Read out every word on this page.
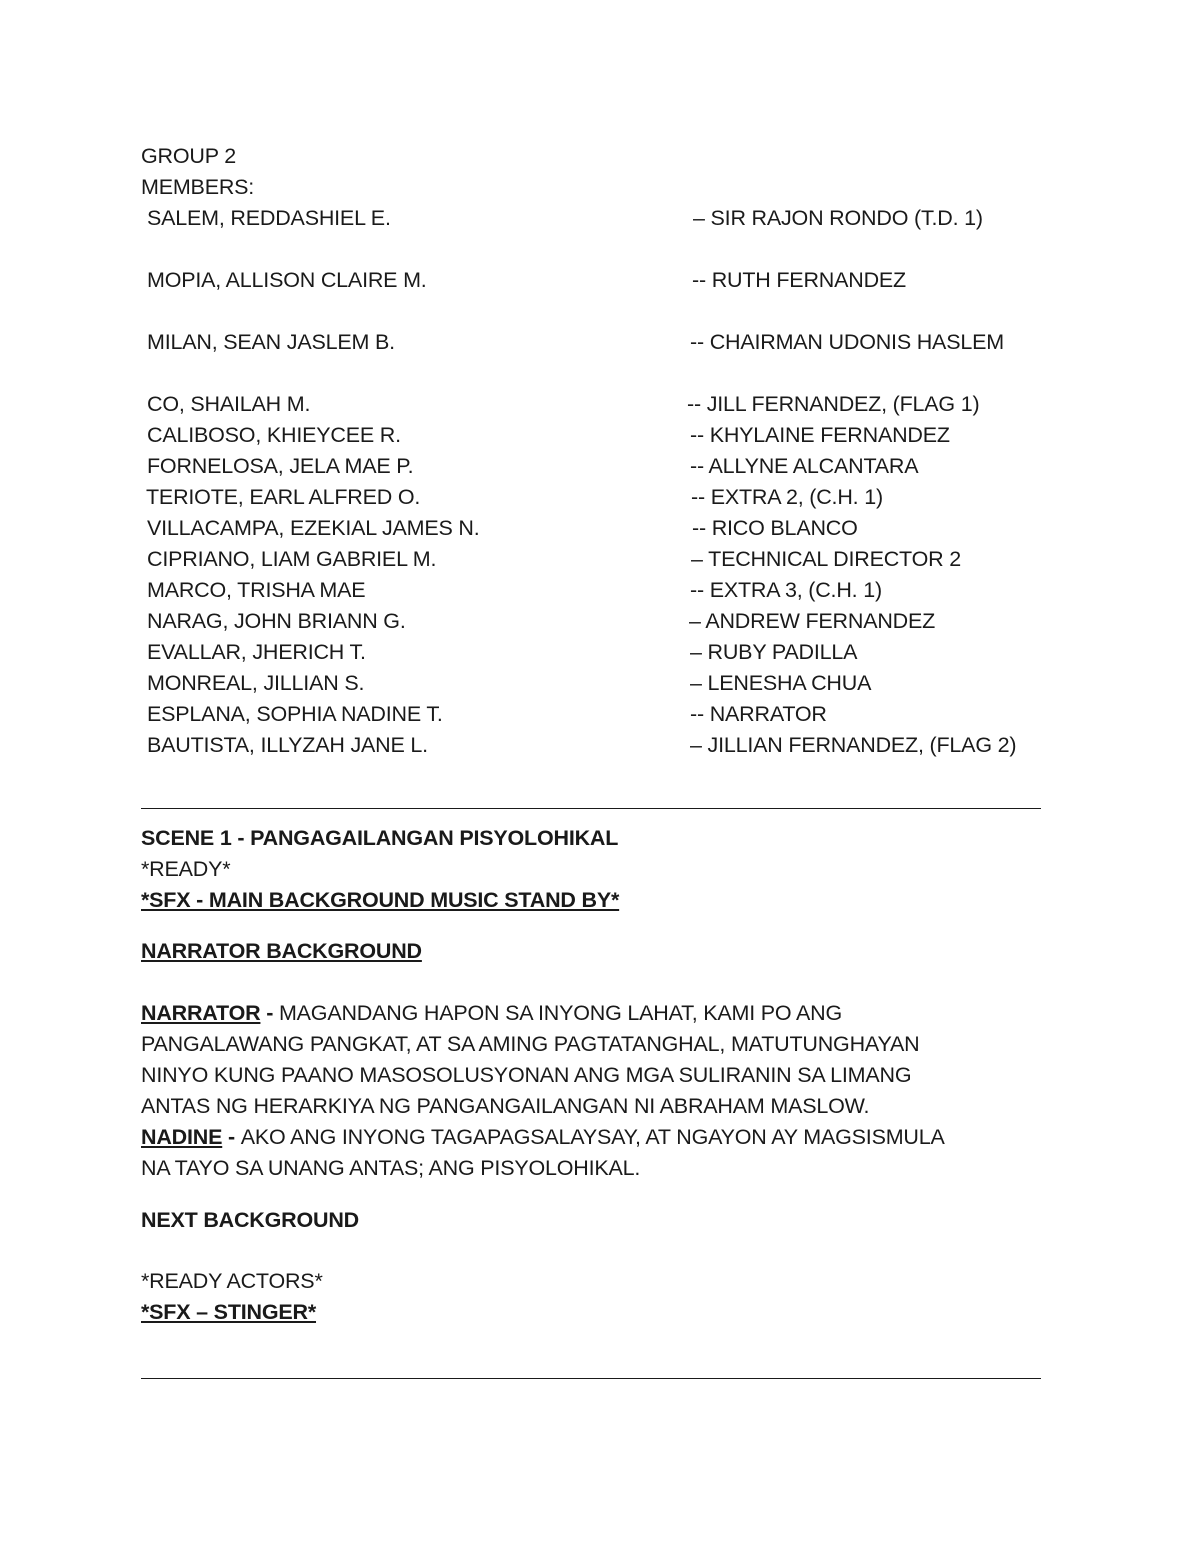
GROUP 2
MEMBERS:
SALEM, REDDASHIEL E.	– SIR RAJON RONDO (T.D. 1)
MOPIA, ALLISON CLAIRE M.	-- RUTH FERNANDEZ
MILAN, SEAN JASLEM B.	-- CHAIRMAN UDONIS HASLEM
CO, SHAILAH M.	-- JILL FERNANDEZ, (FLAG 1)
CALIBOSO, KHIEYCEE R.	-- KHYLAINE FERNANDEZ
FORNELOSA, JELA MAE P.	-- ALLYNE ALCANTARA
TERIOTE, EARL ALFRED O.	-- EXTRA 2, (C.H. 1)
VILLACAMPA, EZEKIAL JAMES N.	-- RICO BLANCO
CIPRIANO, LIAM GABRIEL M.	– TECHNICAL DIRECTOR 2
MARCO, TRISHA MAE	-- EXTRA 3, (C.H. 1)
NARAG, JOHN BRIANN G.	– ANDREW FERNANDEZ
EVALLAR, JHERICH T.	– RUBY PADILLA
MONREAL, JILLIAN S.	– LENESHA CHUA
ESPLANA, SOPHIA NADINE T.	-- NARRATOR
BAUTISTA, ILLYZAH JANE L.	– JILLIAN FERNANDEZ, (FLAG 2)
SCENE 1 - PANGAGAILANGAN PISYOLOHIKAL
*READY*
*SFX - MAIN BACKGROUND MUSIC STAND BY*
NARRATOR BACKGROUND
NARRATOR - MAGANDANG HAPON SA INYONG LAHAT, KAMI PO ANG
PANGALAWANG PANGKAT, AT SA AMING PAGTATANGHAL, MATUTUNGHAYAN
NINYO KUNG PAANO MASOSOLUSYONAN ANG MGA SULIRANIN SA LIMANG
ANTAS NG HERARKIYA NG PANGANGAILANGAN NI ABRAHAM MASLOW.
NADINE - AKO ANG INYONG TAGAPAGSALAYSAY, AT NGAYON AY MAGSISMULA
NA TAYO SA UNANG ANTAS; ANG PISYOLOHIKAL.
NEXT BACKGROUND
*READY ACTORS*
*SFX – STINGER*
